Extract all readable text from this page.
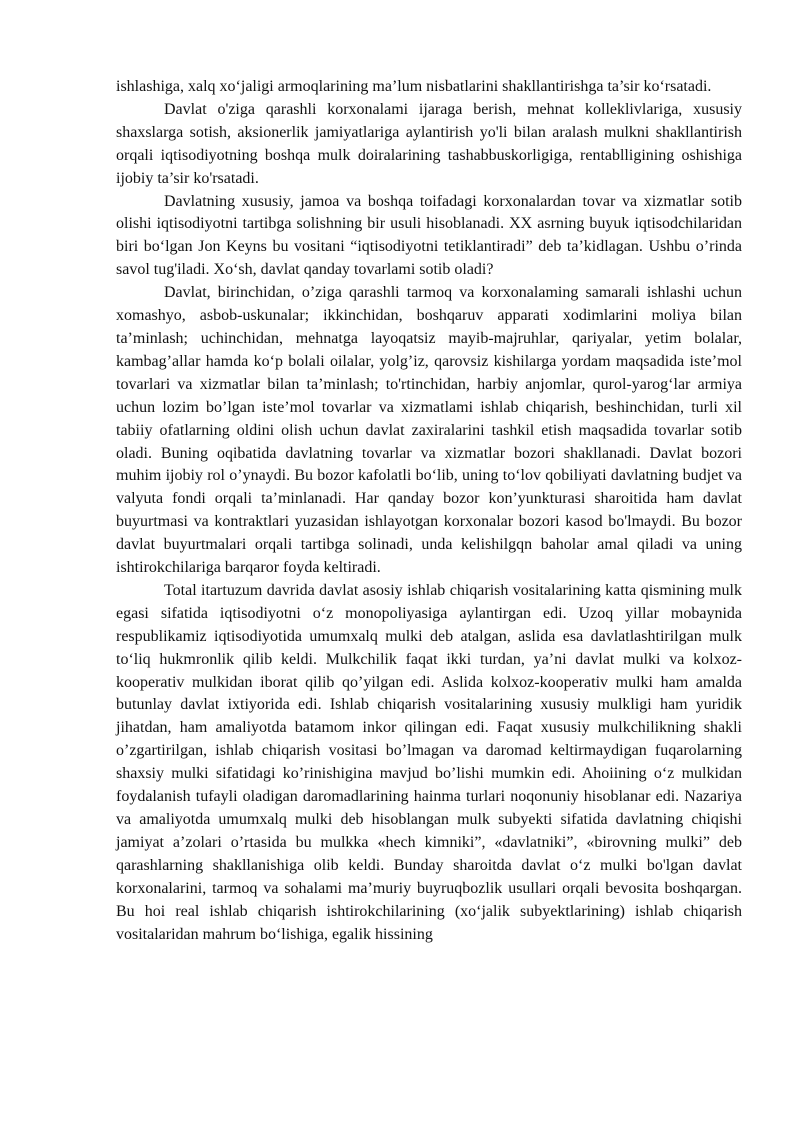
ishlashiga, xalq xo‘jaligi armoqlarining ma’lum nisbatlarini shakllantirishga ta’sir ko‘rsatadi.

Davlat o'ziga qarashli korxonalami ijaraga berish, mehnat kolleklivlariga, xususiy shaxslarga sotish, aksionerlik jamiyatlariga aylantirish yo'li bilan aralash mulkni shakllantirish orqali iqtisodiyotning boshqa mulk doiralarining tashabbuskorligiga, rentablligining oshishiga ijobiy ta’sir ko'rsatadi.

Davlatning xususiy, jamoa va boshqa toifadagi korxonalardan tovar va xizmatlar sotib olishi iqtisodiyotni tartibga solishning bir usuli hisoblanadi. XX asrning buyuk iqtisodchilaridan biri bo‘lgan Jon Keyns bu vositani “iqtisodiyotni tetiklantiradi” deb ta’kidlagan. Ushbu o’rinda savol tug'iladi. Xo‘sh, davlat qanday tovarlami sotib oladi?

Davlat, birinchidan, o’ziga qarashli tarmoq va korxonalaming samarali ishlashi uchun xomashyo, asbob-uskunalar; ikkinchidan, boshqaruv apparati xodimlarini moliya bilan ta’minlash; uchinchidan, mehnatga layoqatsiz mayib-majruhlar, qariyalar, yetim bolalar, kambag’allar hamda ko‘p bolali oilalar, yolg’iz, qarovsiz kishilarga yordam maqsadida iste’mol tovarlari va xizmatlar bilan ta’minlash; to'rtinchidan, harbiy anjomlar, qurol-yarog‘lar armiya uchun lozim bo’lgan iste’mol tovarlar va xizmatlami ishlab chiqarish, beshinchidan, turli xil tabiiy ofatlarning oldini olish uchun davlat zaxiralarini tashkil etish maqsadida tovarlar sotib oladi. Buning oqibatida davlatning tovarlar va xizmatlar bozori shakllanadi. Davlat bozori muhim ijobiy rol o’ynaydi. Bu bozor kafolatli bo‘lib, uning to‘lov qobiliyati davlatning budjet va valyuta fondi orqali ta’minlanadi. Har qanday bozor kon’yunkturasi sharoitida ham davlat buyurtmasi va kontraktlari yuzasidan ishlayotgan korxonalar bozori kasod bo'lmaydi. Bu bozor davlat buyurtmalari orqali tartibga solinadi, unda kelishilgqn baholar amal qiladi va uning ishtirokchilariga barqaror foyda keltiradi.

Total itartuzum davrida davlat asosiy ishlab chiqarish vositalarining katta qismining mulk egasi sifatida iqtisodiyotni o‘z monopoliyasiga aylantirgan edi. Uzoq yillar mobaynida respublikamiz iqtisodiyotida umumxalq mulki deb atalgan, aslida esa davlatlashtirilgan mulk to‘liq hukmronlik qilib keldi. Mulkchilik faqat ikki turdan, ya’ni davlat mulki va kolxoz-kooperativ mulkidan iborat qilib qo’yilgan edi. Aslida kolxoz-kooperativ mulki ham amalda butunlay davlat ixtiyorida edi. Ishlab chiqarish vositalarining xususiy mulkligi ham yuridik jihatdan, ham amaliyotda batamom inkor qilingan edi. Faqat xususiy mulkchilikning shakli o’zgartirilgan, ishlab chiqarish vositasi bo’lmagan va daromad keltirmaydigan fuqarolarning shaxsiy mulki sifatidagi ko’rinishigina mavjud bo’lishi mumkin edi. Ahoiining o‘z mulkidan foydalanish tufayli oladigan daromadlarining hainma turlari noqonuniy hisoblanar edi. Nazariya va amaliyotda umumxalq mulki deb hisoblangan mulk subyekti sifatida davlatning chiqishi jamiyat a’zolari o’rtasida bu mulkka «hech kimniki”, «davlatniki”, «birovning mulki” deb qarashlarning shakllanishiga olib keldi. Bunday sharoitda davlat o‘z mulki bo'lgan davlat korxonalarini, tarmoq va sohalami ma’muriy buyruqbozlik usullari orqali bevosita boshqargan. Bu hoi real ishlab chiqarish ishtirokchilarining (xo‘jalik subyektlarining) ishlab chiqarish vositalaridan mahrum bo‘lishiga, egalik hissining
